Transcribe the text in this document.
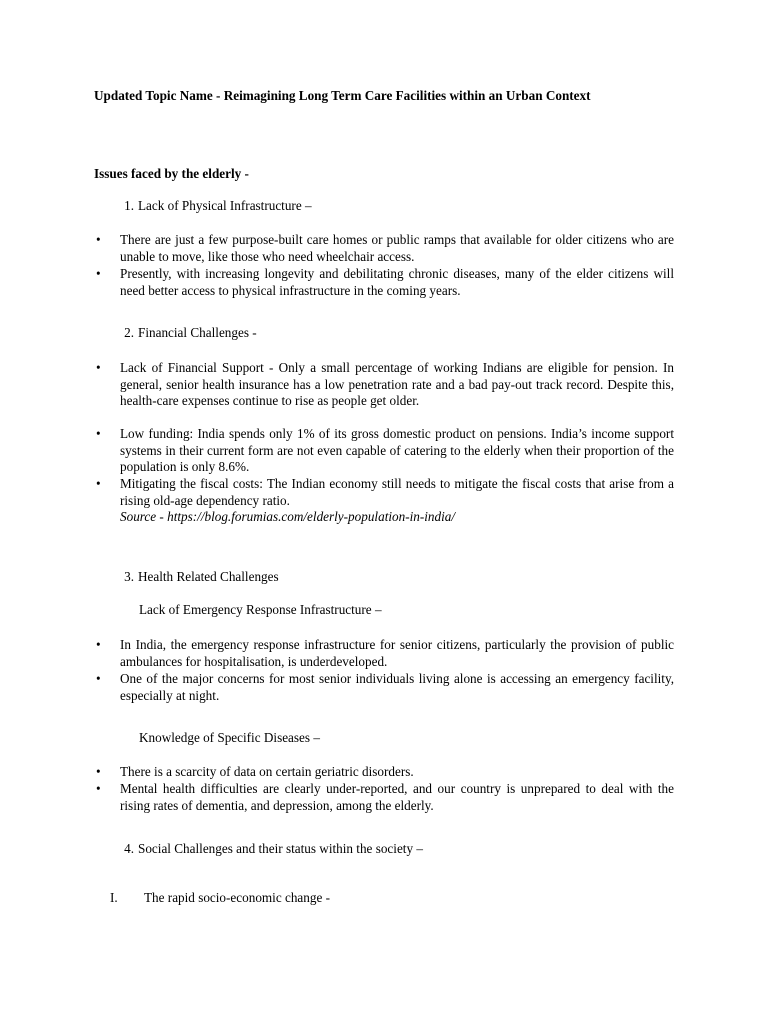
Updated Topic Name - Reimagining Long Term Care Facilities within an Urban Context
Issues faced by the elderly -
1. Lack of Physical Infrastructure –
•	There are just a few purpose-built care homes or public ramps that available for older citizens who are unable to move, like those who need wheelchair access.
•	Presently, with increasing longevity and debilitating chronic diseases, many of the elder citizens will need better access to physical infrastructure in the coming years.
2. Financial Challenges -
•	Lack of Financial Support - Only a small percentage of working Indians are eligible for pension. In general, senior health insurance has a low penetration rate and a bad pay-out track record. Despite this, health-care expenses continue to rise as people get older.
•	Low funding: India spends only 1% of its gross domestic product on pensions. India’s income support systems in their current form are not even capable of catering to the elderly when their proportion of the population is only 8.6%.
•	Mitigating the fiscal costs: The Indian economy still needs to mitigate the fiscal costs that arise from a rising old-age dependency ratio.
Source - https://blog.forumias.com/elderly-population-in-india/
3. Health Related Challenges
Lack of Emergency Response Infrastructure –
•	In India, the emergency response infrastructure for senior citizens, particularly the provision of public ambulances for hospitalisation, is underdeveloped.
•	One of the major concerns for most senior individuals living alone is accessing an emergency facility, especially at night.
Knowledge of Specific Diseases –
•	There is a scarcity of data on certain geriatric disorders.
•	Mental health difficulties are clearly under-reported, and our country is unprepared to deal with the rising rates of dementia, and depression, among the elderly.
4. Social Challenges and their status within the society –
I. The rapid socio-economic change -
